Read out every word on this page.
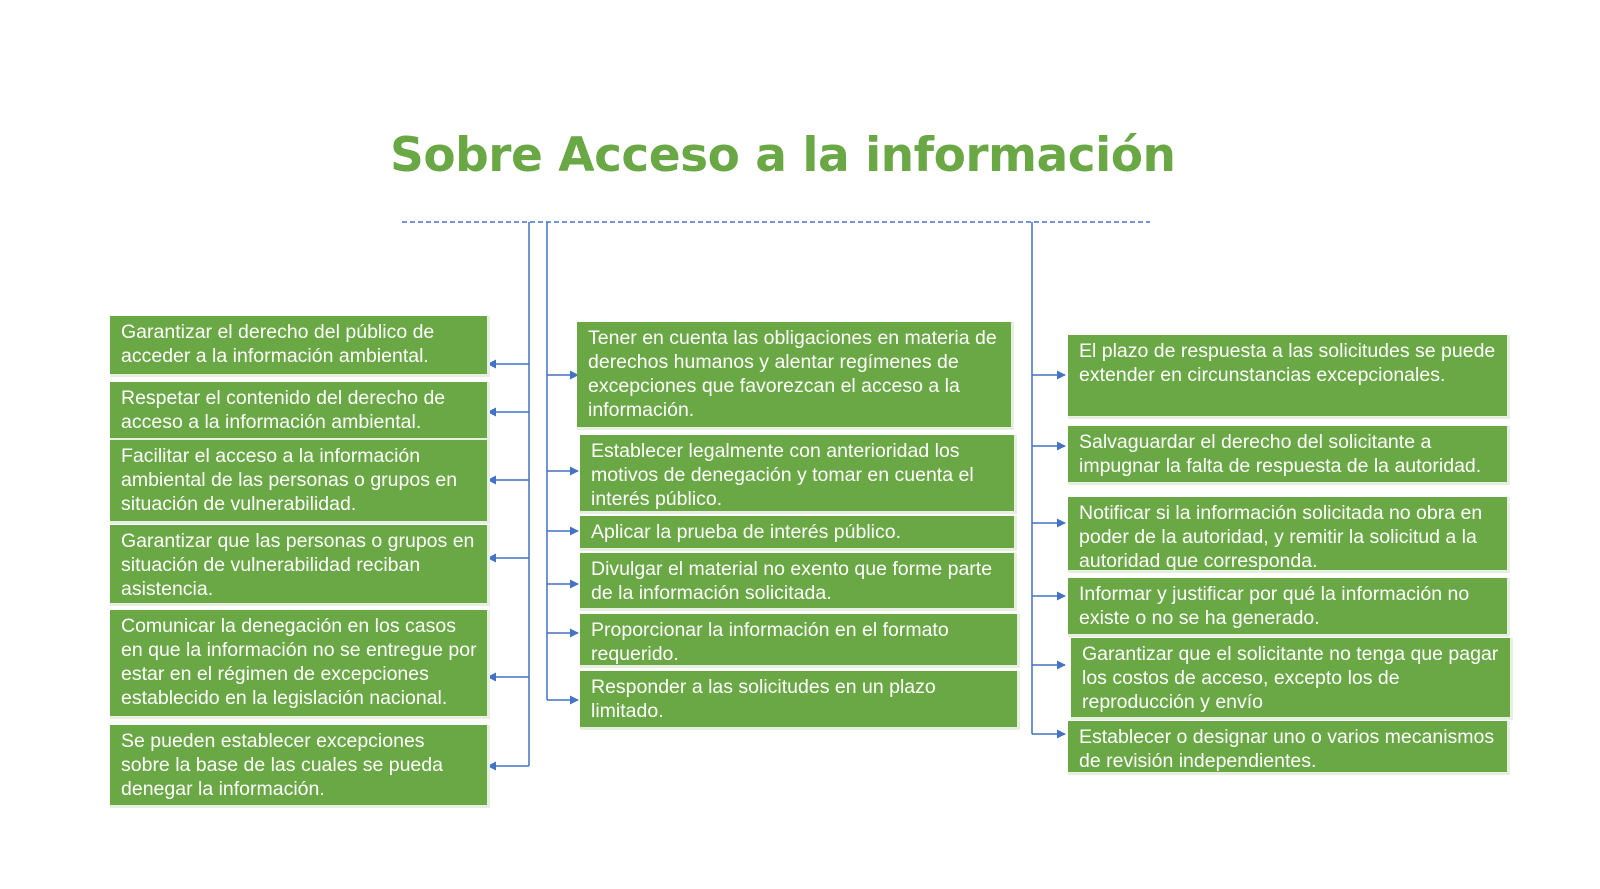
Sobre Acceso a la información
Garantizar el derecho del público de acceder a la información ambiental.
Respetar el contenido del derecho de acceso a la información ambiental.
Facilitar el acceso a la información ambiental de las personas o grupos en situación de vulnerabilidad.
Garantizar que las personas o grupos en situación de vulnerabilidad reciban asistencia.
Comunicar la denegación en los casos en que la información no se entregue por estar en el régimen de excepciones establecido en la legislación nacional.
Se pueden establecer excepciones sobre la base de las cuales se pueda denegar la información.
Tener en cuenta las obligaciones en materia de derechos humanos y alentar regímenes de excepciones que favorezcan el acceso a la información.
Establecer legalmente con anterioridad los motivos de denegación y tomar en cuenta el interés público.
Aplicar la prueba de interés público.
Divulgar el material no exento que forme parte de la información solicitada.
Proporcionar la información en el formato requerido.
Responder a las solicitudes en un plazo limitado.
El plazo de respuesta a las solicitudes se puede extender en circunstancias excepcionales.
Salvaguardar el derecho del solicitante a impugnar la falta de respuesta de la autoridad.
Notificar si la información solicitada no obra en poder de la autoridad, y remitir la solicitud a la autoridad que corresponda.
Informar y justificar por qué la información no existe o no se ha generado.
Garantizar que el solicitante no tenga que pagar los costos de acceso, excepto los de reproducción y envío
Establecer o designar uno o varios mecanismos de revisión independientes.
